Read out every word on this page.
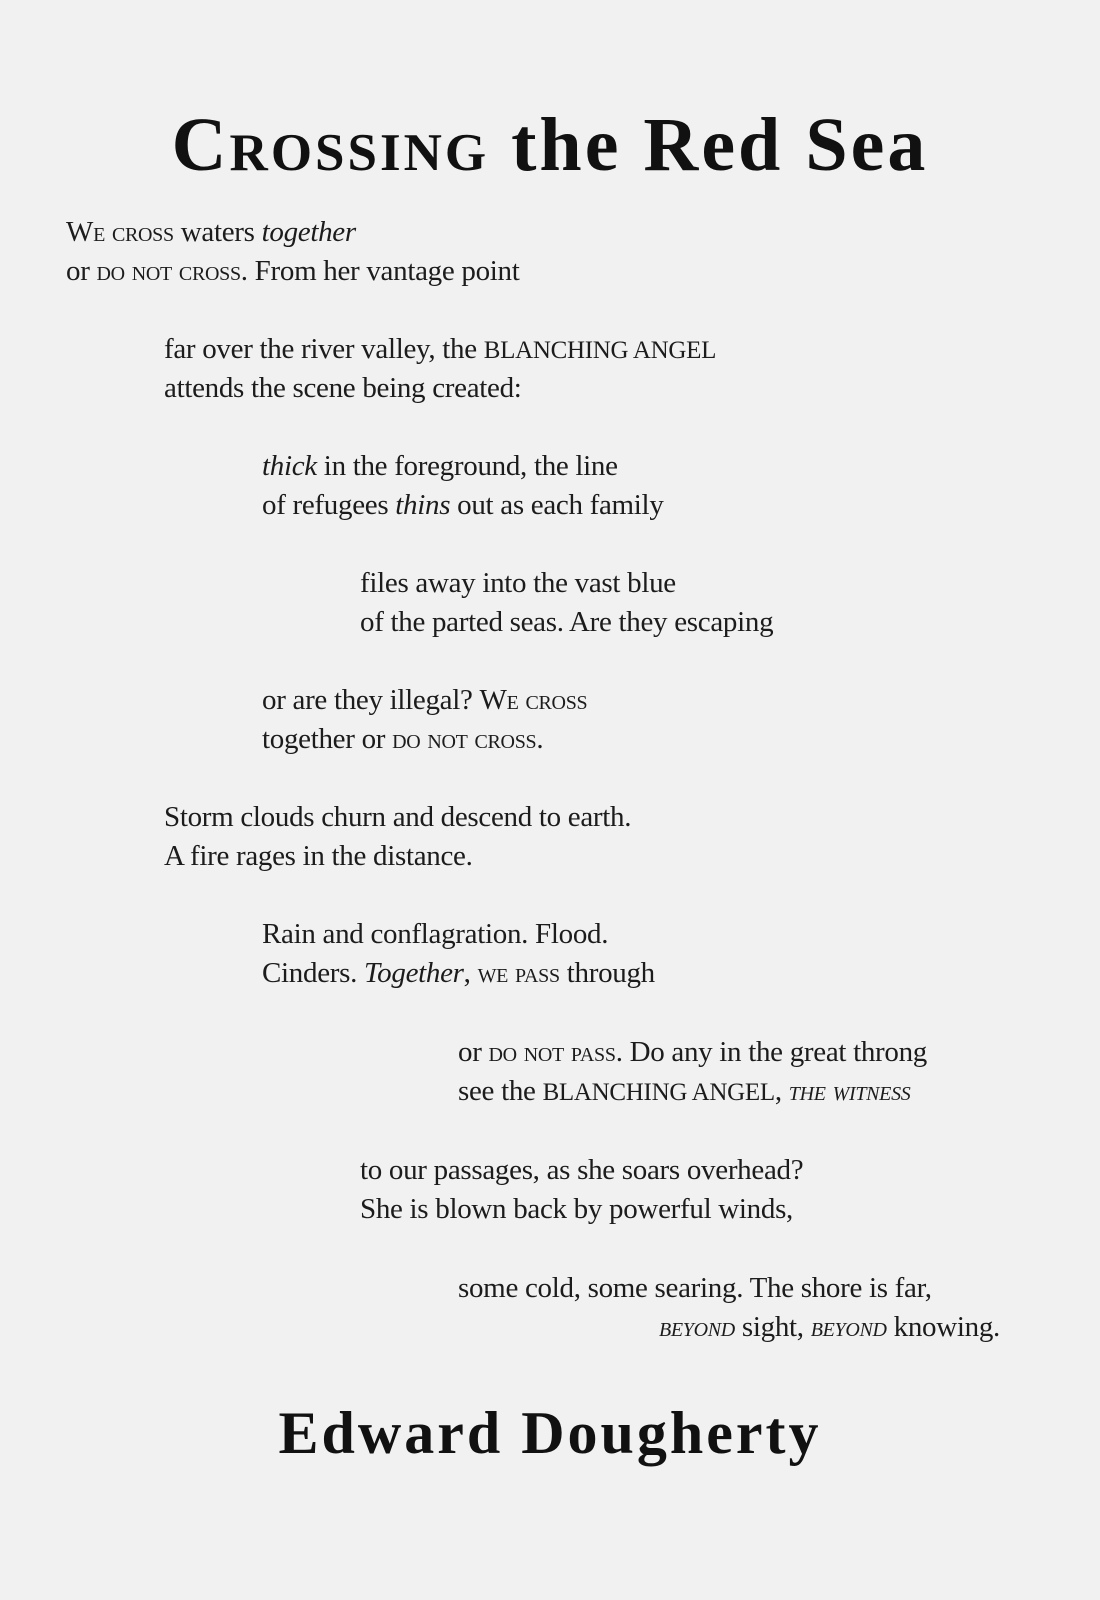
Crossing the Red Sea
We cross waters together
or do not cross. From her vantage point
far over the river valley, the BLANCHING ANGEL
attends the scene being created:
thick in the foreground, the line
of refugees thins out as each family
files away into the vast blue
of the parted seas. Are they escaping
or are they illegal? We cross
together or do not cross.
Storm clouds churn and descend to earth.
A fire rages in the distance.
Rain and conflagration. Flood.
Cinders. Together, we pass through
or do not pass. Do any in the great throng
see the BLANCHING ANGEL, the witness
to our passages, as she soars overhead?
She is blown back by powerful winds,
some cold, some searing. The shore is far,
beyond sight, beyond knowing.
Edward Dougherty
